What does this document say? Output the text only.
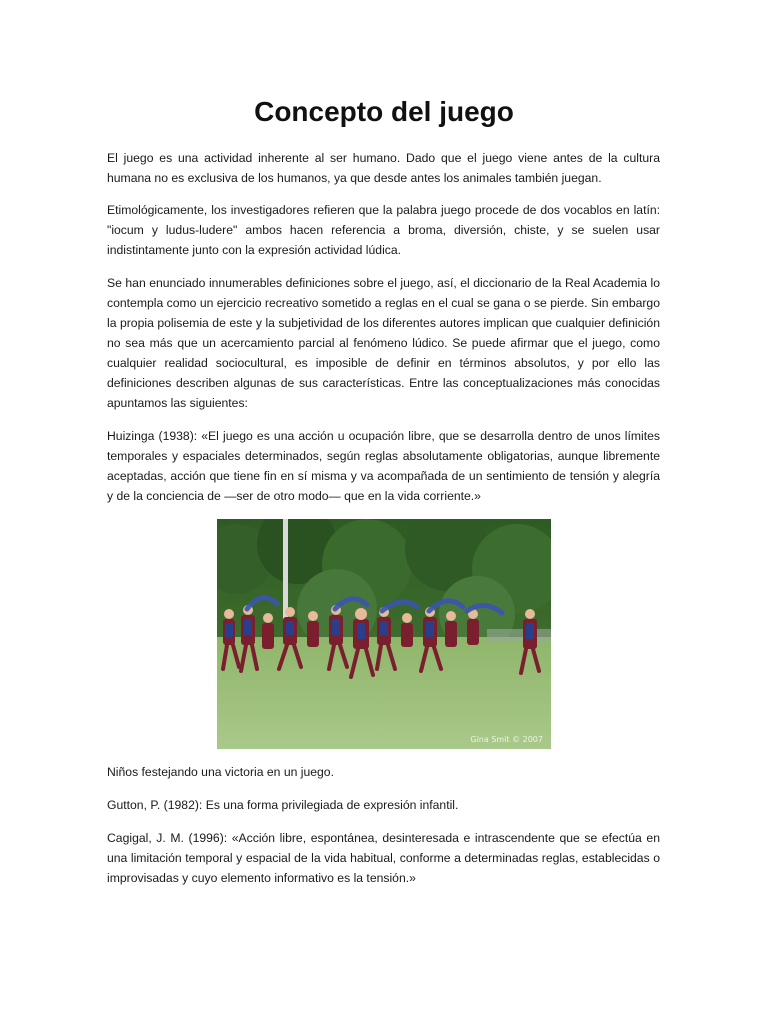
Concepto del juego

El juego es una actividad inherente al ser humano. Dado que el juego viene antes de la cultura humana no es exclusiva de los humanos, ya que desde antes los animales también juegan.

Etimológicamente, los investigadores refieren que la palabra juego procede de dos vocablos en latín: "iocum y ludus-ludere" ambos hacen referencia a broma, diversión, chiste, y se suelen usar indistintamente junto con la expresión actividad lúdica.

Se han enunciado innumerables definiciones sobre el juego, así, el diccionario de la Real Academia lo contempla como un ejercicio recreativo sometido a reglas en el cual se gana o se pierde. Sin embargo la propia polisemia de este y la subjetividad de los diferentes autores implican que cualquier definición no sea más que un acercamiento parcial al fenómeno lúdico. Se puede afirmar que el juego, como cualquier realidad sociocultural, es imposible de definir en términos absolutos, y por ello las definiciones describen algunas de sus características. Entre las conceptualizaciones más conocidas apuntamos las siguientes:

Huizinga (1938): «El juego es una acción u ocupación libre, que se desarrolla dentro de unos límites temporales y espaciales determinados, según reglas absolutamente obligatorias, aunque libremente aceptadas, acción que tiene fin en sí misma y va acompañada de un sentimiento de tensión y alegría y de la conciencia de —ser de otro modo— que en la vida corriente.»

Gina Smit © 2007

Niños festejando una victoria en un juego.

Gutton, P. (1982): Es una forma privilegiada de expresión infantil.

Cagigal, J. M. (1996): «Acción libre, espontánea, desinteresada e intrascendente que se efectúa en una limitación temporal y espacial de la vida habitual, conforme a determinadas reglas, establecidas o improvisadas y cuyo elemento informativo es la tensión.»
